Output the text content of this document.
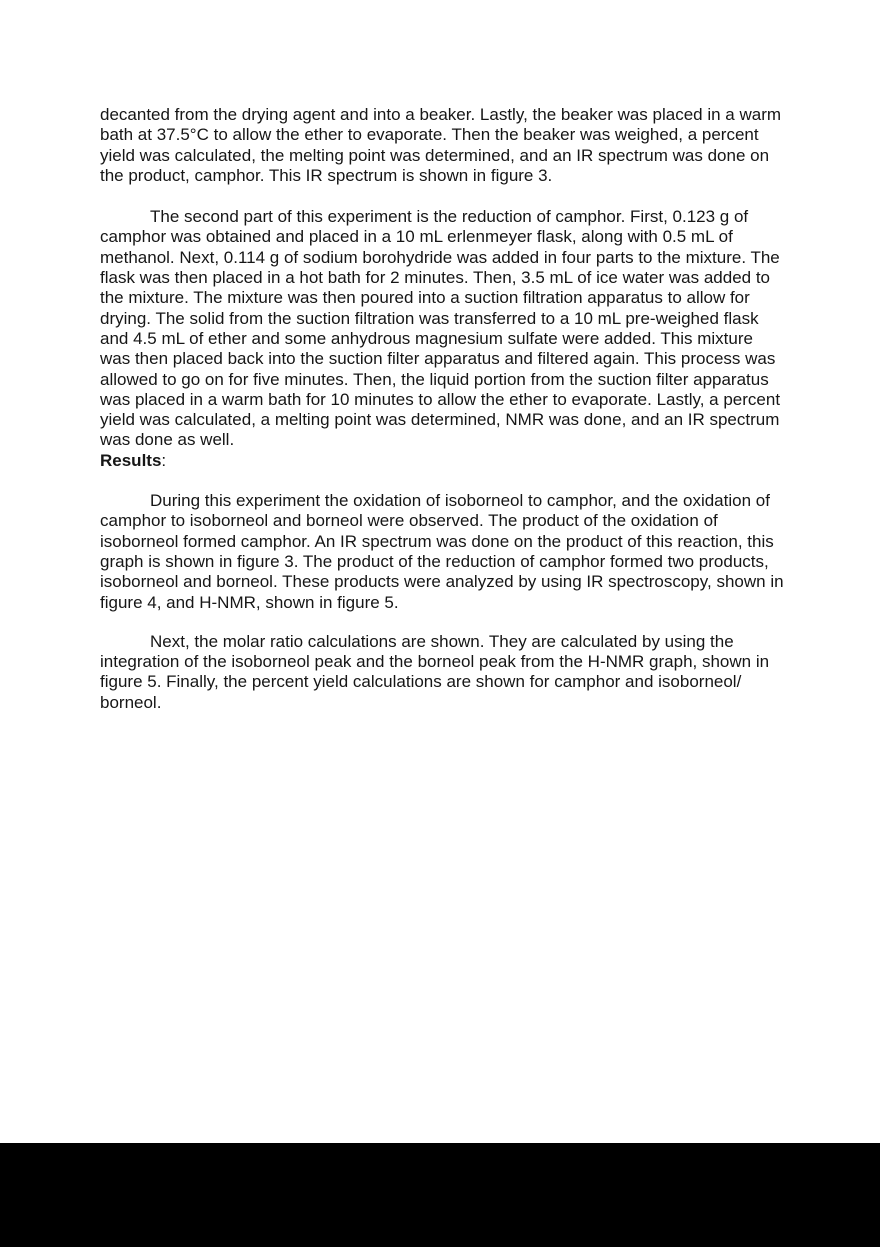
decanted from the drying agent and into a beaker. Lastly, the beaker was placed in a warm bath at 37.5°C to allow the ether to evaporate. Then the beaker was weighed, a percent yield was calculated, the melting point was determined, and an IR spectrum was done on the product, camphor. This IR spectrum is shown in figure 3.

The second part of this experiment is the reduction of camphor. First, 0.123 g of camphor was obtained and placed in a 10 mL erlenmeyer flask, along with 0.5 mL of methanol. Next, 0.114 g of sodium borohydride was added in four parts to the mixture. The flask was then placed in a hot bath for 2 minutes. Then, 3.5 mL of ice water was added to the mixture. The mixture was then poured into a suction filtration apparatus to allow for drying. The solid from the suction filtration was transferred to a 10 mL pre-weighed flask and 4.5 mL of ether and some anhydrous magnesium sulfate were added. This mixture was then placed back into the suction filter apparatus and filtered again. This process was allowed to go on for five minutes. Then, the liquid portion from the suction filter apparatus was placed in a warm bath for 10 minutes to allow the ether to evaporate. Lastly, a percent yield was calculated, a melting point was determined, NMR was done, and an IR spectrum was done as well.

Results:

During this experiment the oxidation of isoborneol to camphor, and the oxidation of camphor to isoborneol and borneol were observed. The product of the oxidation of isoborneol formed camphor. An IR spectrum was done on the product of this reaction, this graph is shown in figure 3. The product of the reduction of camphor formed two products, isoborneol and borneol. These products were analyzed by using IR spectroscopy, shown in figure 4, and H-NMR, shown in figure 5.

Next, the molar ratio calculations are shown. They are calculated by using the integration of the isoborneol peak and the borneol peak from the H-NMR graph, shown in figure 5. Finally, the percent yield calculations are shown for camphor and isoborneol/ borneol.
